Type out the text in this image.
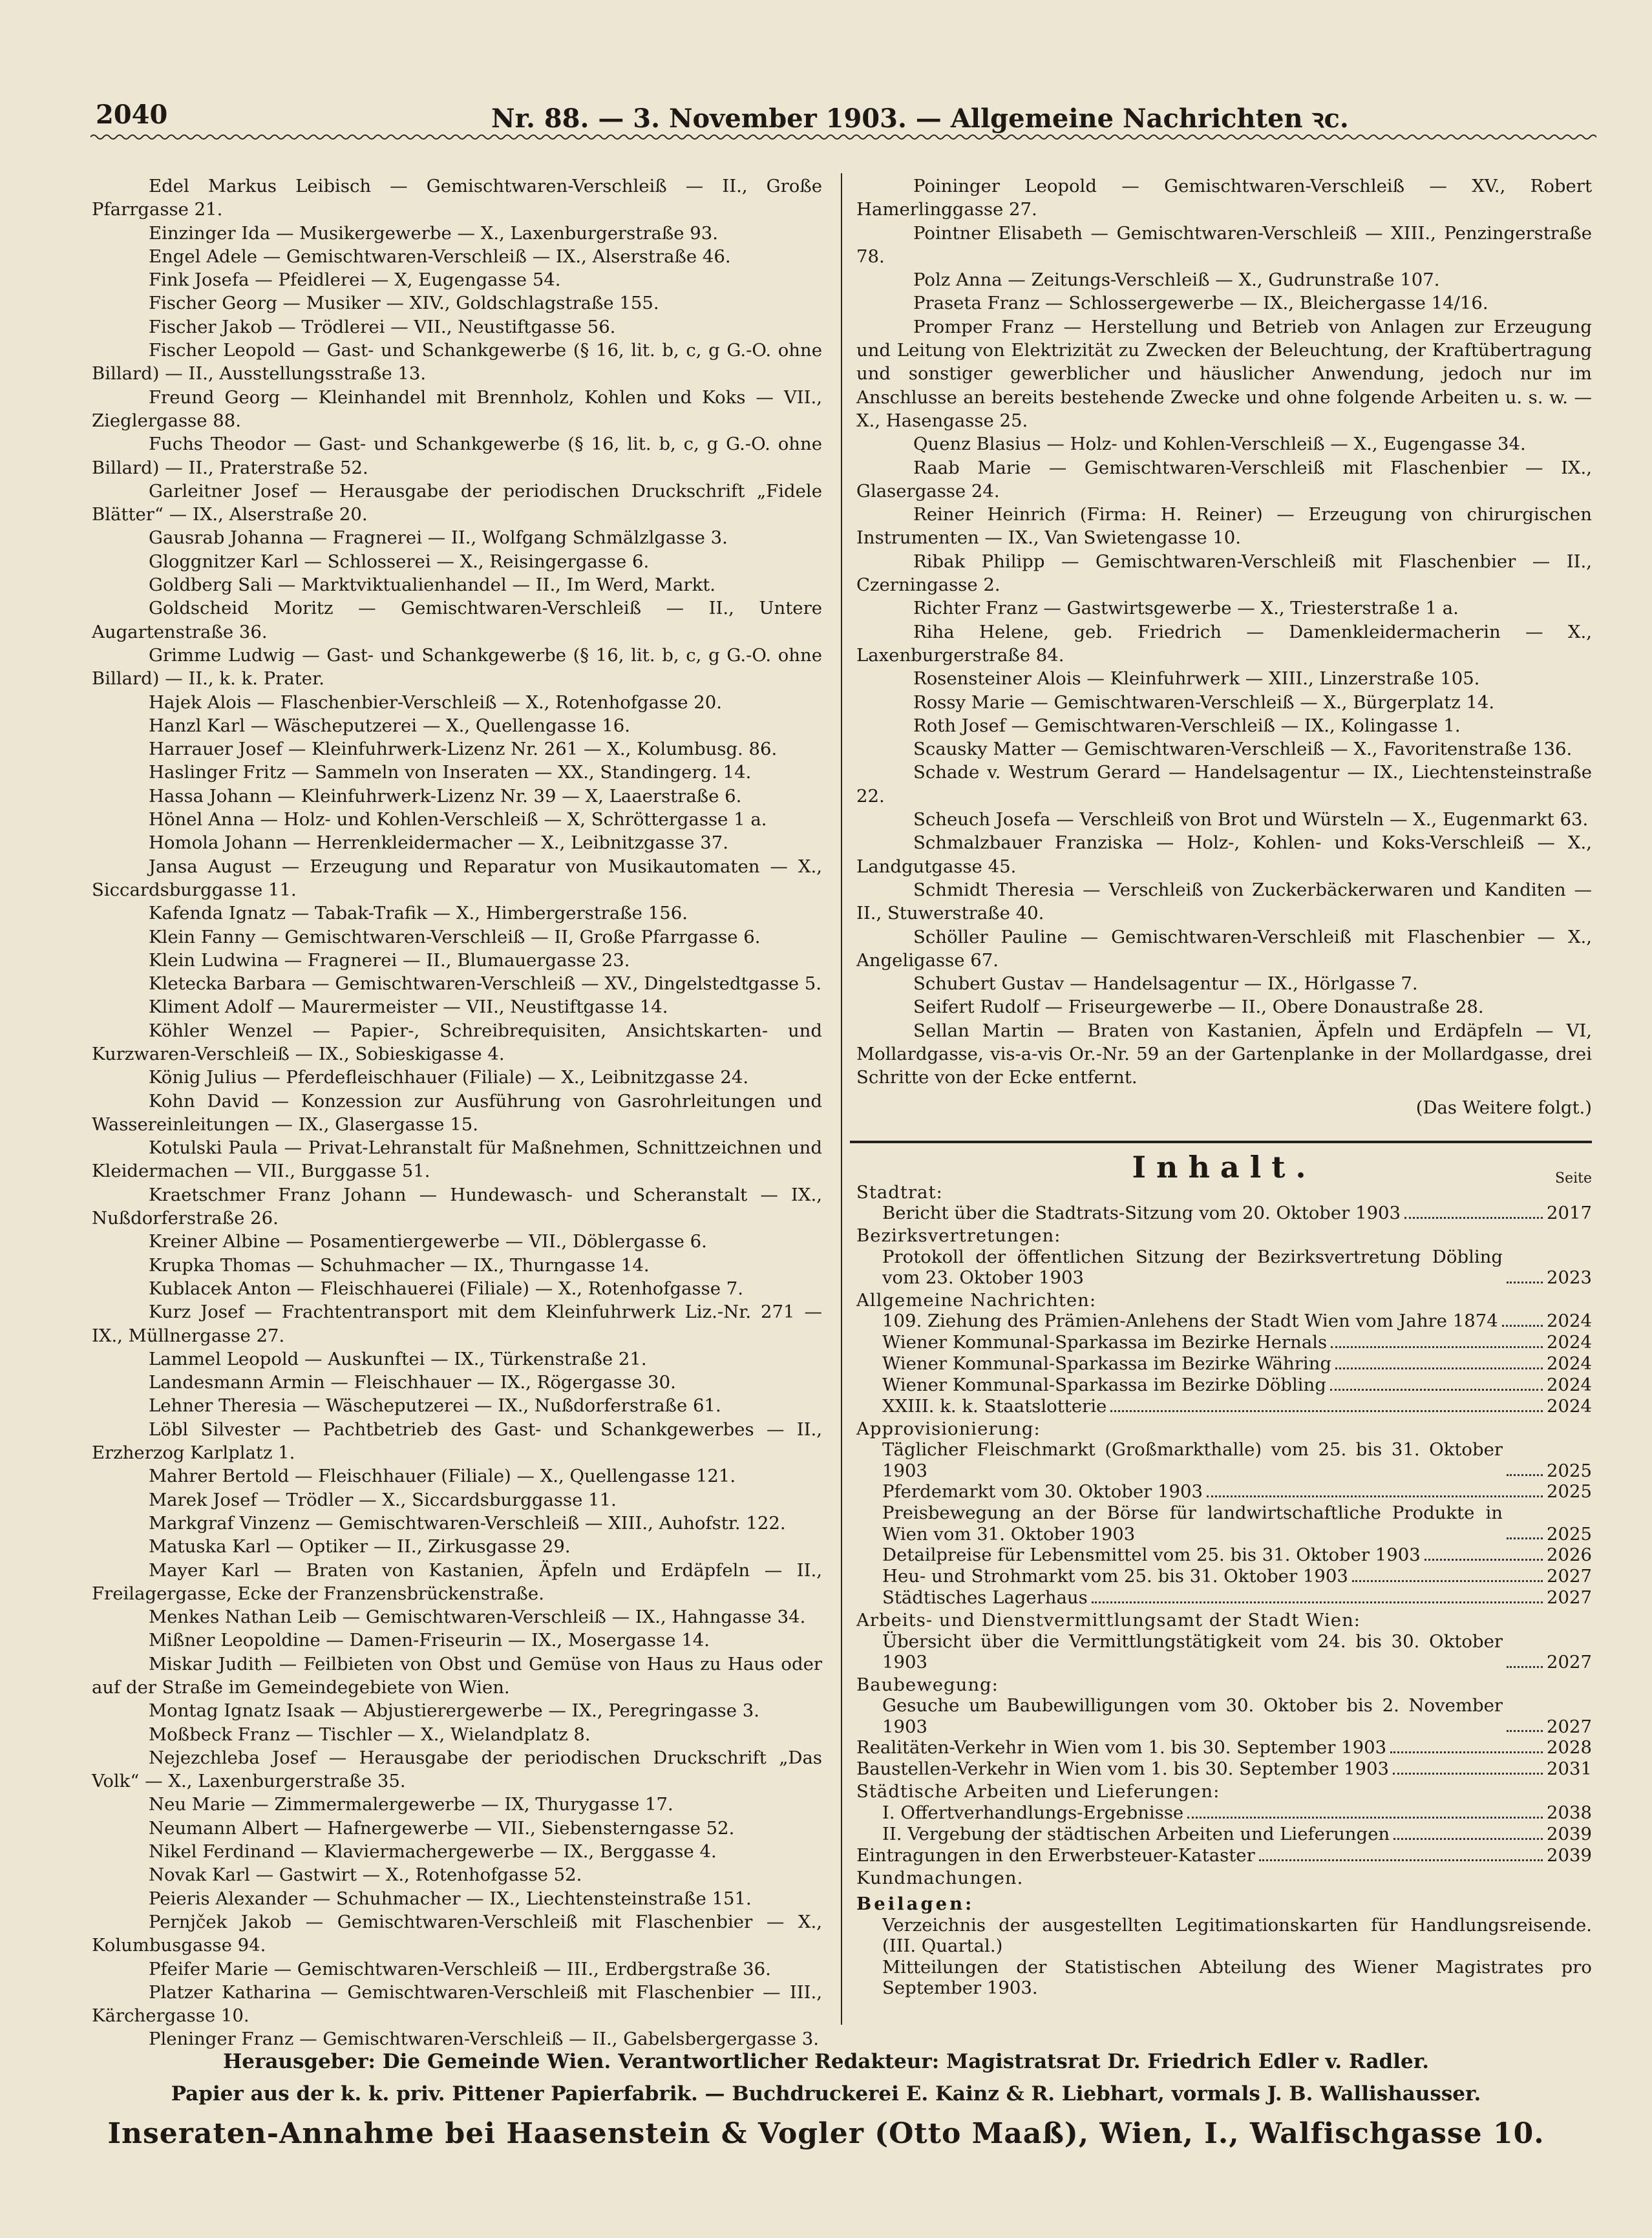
2040	Nr. 88. — 3. November 1903. — Allgemeine Nachrichten ꝛc.
Edel Markus Leibisch — Gemischtwaren-Verschleiß — II., Große Pfarrgasse 21.
Einzinger Ida — Musikergewerbe — X., Laxenburgerstraße 93.
Engel Adele — Gemischtwaren-Verschleiß — IX., Alserstraße 46.
Fink Josefa — Pfeidlerei — X, Eugengasse 54.
Fischer Georg — Musiker — XIV., Goldschlagstraße 155.
Fischer Jakob — Trödlerei — VII., Neustiftgasse 56.
Fischer Leopold — Gast- und Schankgewerbe (§ 16, lit. b, c, g G.-O. ohne Billard) — II., Ausstellungsstraße 13.
Freund Georg — Kleinhandel mit Brennholz, Kohlen und Koks — VII., Zieglergasse 88.
Fuchs Theodor — Gast- und Schankgewerbe (§ 16, lit. b, c, g G.-O. ohne Billard) — II., Praterstraße 52.
Garleitner Josef — Herausgabe der periodischen Druckschrift „Fidele Blätter“ — IX., Alserstraße 20.
Gausrab Johanna — Fragnerei — II., Wolfgang Schmälzlgasse 3.
Gloggnitzer Karl — Schlosserei — X., Reisingergasse 6.
Goldberg Sali — Marktviktualienhandel — II., Im Werd, Markt.
Goldscheid Moritz — Gemischtwaren-Verschleiß — II., Untere Augartenstraße 36.
Grimme Ludwig — Gast- und Schankgewerbe (§ 16, lit. b, c, g G.-O. ohne Billard) — II., k. k. Prater.
Hajek Alois — Flaschenbier-Verschleiß — X., Rotenhofgasse 20.
Hanzl Karl — Wäscheputzerei — X., Quellengasse 16.
Harrauer Josef — Kleinfuhrwerk-Lizenz Nr. 261 — X., Kolumbusg. 86.
Haslinger Fritz — Sammeln von Inseraten — XX., Standingerg. 14.
Hassa Johann — Kleinfuhrwerk-Lizenz Nr. 39 — X, Laaerstraße 6.
Hönel Anna — Holz- und Kohlen-Verschleiß — X, Schröttergasse 1 a.
Homola Johann — Herrenkleidermacher — X., Leibnitzgasse 37.
Jansa August — Erzeugung und Reparatur von Musikautomaten — X., Siccardsburggasse 11.
Kafenda Ignatz — Tabak-Trafik — X., Himbergerstraße 156.
Klein Fanny — Gemischtwaren-Verschleiß — II, Große Pfarrgasse 6.
Klein Ludwina — Fragnerei — II., Blumauergasse 23.
Kletecka Barbara — Gemischtwaren-Verschleiß — XV., Dingelstedtgasse 5.
Kliment Adolf — Maurermeister — VII., Neustiftgasse 14.
Köhler Wenzel — Papier-, Schreibrequisiten, Ansichtskarten- und Kurzwaren-Verschleiß — IX., Sobieskigasse 4.
König Julius — Pferdefleischhauer (Filiale) — X., Leibnitzgasse 24.
Kohn David — Konzession zur Ausführung von Gasrohrleitungen und Wassereinleitungen — IX., Glasergasse 15.
Kotulski Paula — Privat-Lehranstalt für Maßnehmen, Schnittzeichnen und Kleidermachen — VII., Burggasse 51.
Kraetschmer Franz Johann — Hundewasch- und Scheranstalt — IX., Nußdorferstraße 26.
Kreiner Albine — Posamentiergewerbe — VII., Döblergasse 6.
Krupka Thomas — Schuhmacher — IX., Thurngasse 14.
Kublacek Anton — Fleischhauerei (Filiale) — X., Rotenhofgasse 7.
Kurz Josef — Frachtentransport mit dem Kleinfuhrwerk Liz.-Nr. 271 — IX., Müllnergasse 27.
Lammel Leopold — Auskunftei — IX., Türkenstraße 21.
Landesmann Armin — Fleischhauer — IX., Rögergasse 30.
Lehner Theresia — Wäscheputzerei — IX., Nußdorferstraße 61.
Löbl Silvester — Pachtbetrieb des Gast- und Schankgewerbes — II., Erzherzog Karlplatz 1.
Mahrer Bertold — Fleischhauer (Filiale) — X., Quellengasse 121.
Marek Josef — Trödler — X., Siccardsburggasse 11.
Markgraf Vinzenz — Gemischtwaren-Verschleiß — XIII., Auhofstr. 122.
Matuska Karl — Optiker — II., Zirkusgasse 29.
Mayer Karl — Braten von Kastanien, Äpfeln und Erdäpfeln — II., Freilagergasse, Ecke der Franzensbrückenstraße.
Menkes Nathan Leib — Gemischtwaren-Verschleiß — IX., Hahngasse 34.
Mißner Leopoldine — Damen-Friseurin — IX., Mosergasse 14.
Miskar Judith — Feilbieten von Obst und Gemüse von Haus zu Haus oder auf der Straße im Gemeindegebiete von Wien.
Montag Ignatz Isaak — Abjustierergewerbe — IX., Peregringasse 3.
Moßbeck Franz — Tischler — X., Wielandplatz 8.
Nejezchleba Josef — Herausgabe der periodischen Druckschrift „Das Volk“ — X., Laxenburgerstraße 35.
Neu Marie — Zimmermalergewerbe — IX, Thurygasse 17.
Neumann Albert — Hafnergewerbe — VII., Siebensterngasse 52.
Nikel Ferdinand — Klaviermachergewerbe — IX., Berggasse 4.
Novak Karl — Gastwirt — X., Rotenhofgasse 52.
Peieris Alexander — Schuhmacher — IX., Liechtensteinstraße 151.
Pernjček Jakob — Gemischtwaren-Verschleiß mit Flaschenbier — X., Kolumbusgasse 94.
Pfeifer Marie — Gemischtwaren-Verschleiß — III., Erdbergstraße 36.
Platzer Katharina — Gemischtwaren-Verschleiß mit Flaschenbier — III., Kärchergasse 10.
Pleninger Franz — Gemischtwaren-Verschleiß — II., Gabelsbergergasse 3.
Poininger Leopold — Gemischtwaren-Verschleiß — XV., Robert Hamerlinggasse 27.
Pointner Elisabeth — Gemischtwaren-Verschleiß — XIII., Penzingerstraße 78.
Polz Anna — Zeitungs-Verschleiß — X., Gudrunstraße 107.
Praseta Franz — Schlossergewerbe — IX., Bleichergasse 14/16.
Promper Franz — Herstellung und Betrieb von Anlagen zur Erzeugung und Leitung von Elektrizität zu Zwecken der Beleuchtung, der Kraftübertragung und sonstiger gewerblicher und häuslicher Anwendung, jedoch nur im Anschlusse an bereits bestehende Zwecke und ohne folgende Arbeiten u. s. w. — X., Hasengasse 25.
Quenz Blasius — Holz- und Kohlen-Verschleiß — X., Eugengasse 34.
Raab Marie — Gemischtwaren-Verschleiß mit Flaschenbier — IX., Glasergasse 24.
Reiner Heinrich (Firma: H. Reiner) — Erzeugung von chirurgischen Instrumenten — IX., Van Swietengasse 10.
Ribak Philipp — Gemischtwaren-Verschleiß mit Flaschenbier — II., Czerningasse 2.
Richter Franz — Gastwirtsgewerbe — X., Triesterstraße 1 a.
Riha Helene, geb. Friedrich — Damenkleidermacherin — X., Laxenburgerstraße 84.
Rosensteiner Alois — Kleinfuhrwerk — XIII., Linzerstraße 105.
Rossy Marie — Gemischtwaren-Verschleiß — X., Bürgerplatz 14.
Roth Josef — Gemischtwaren-Verschleiß — IX., Kolingasse 1.
Scausky Matter — Gemischtwaren-Verschleiß — X., Favoritenstraße 136.
Schade v. Westrum Gerard — Handelsagentur — IX., Liechtensteinstraße 22.
Scheuch Josefa — Verschleiß von Brot und Würsteln — X., Eugenmarkt 63.
Schmalzbauer Franziska — Holz-, Kohlen- und Koks-Verschleiß — X., Landgutgasse 45.
Schmidt Theresia — Verschleiß von Zuckerbäckerwaren und Kanditen — II., Stuwerstraße 40.
Schöller Pauline — Gemischtwaren-Verschleiß mit Flaschenbier — X., Angeligasse 67.
Schubert Gustav — Handelsagentur — IX., Hörlgasse 7.
Seifert Rudolf — Friseurgewerbe — II., Obere Donaustraße 28.
Sellan Martin — Braten von Kastanien, Äpfeln und Erdäpfeln — VI, Mollardgasse, vis-a-vis Or.-Nr. 59 an der Gartenplanke in der Mollardgasse, drei Schritte von der Ecke entfernt.
(Das Weitere folgt.)
Inhalt.	Seite
Stadtrat:
Bericht über die Stadtrats-Sitzung vom 20. Oktober 1903	2017
Bezirksvertretungen:
Protokoll der öffentlichen Sitzung der Bezirksvertretung Döbling vom 23. Oktober 1903	2023
Allgemeine Nachrichten:
109. Ziehung des Prämien-Anlehens der Stadt Wien vom Jahre 1874	2024
Wiener Kommunal-Sparkassa im Bezirke Hernals	2024
Wiener Kommunal-Sparkassa im Bezirke Währing	2024
Wiener Kommunal-Sparkassa im Bezirke Döbling	2024
XXIII. k. k. Staatslotterie	2024
Approvisionierung:
Täglicher Fleischmarkt (Großmarkthalle) vom 25. bis 31. Oktober 1903	2025
Pferdemarkt vom 30. Oktober 1903	2025
Preisbewegung an der Börse für landwirtschaftliche Produkte in Wien vom 31. Oktober 1903	2025
Detailpreise für Lebensmittel vom 25. bis 31. Oktober 1903	2026
Heu- und Strohmarkt vom 25. bis 31. Oktober 1903	2027
Städtisches Lagerhaus	2027
Arbeits- und Dienstvermittlungsamt der Stadt Wien:
Übersicht über die Vermittlungstätigkeit vom 24. bis 30. Oktober 1903	2027
Baubewegung:
Gesuche um Baubewilligungen vom 30. Oktober bis 2. November 1903	2027
Realitäten-Verkehr in Wien vom 1. bis 30. September 1903	2028
Baustellen-Verkehr in Wien vom 1. bis 30. September 1903	2031
Städtische Arbeiten und Lieferungen:
I. Offertverhandlungs-Ergebnisse	2038
II. Vergebung der städtischen Arbeiten und Lieferungen	2039
Eintragungen in den Erwerbsteuer-Kataster	2039
Kundmachungen.
Beilagen:
Verzeichnis der ausgestellten Legitimationskarten für Handlungsreisende. (III. Quartal.)
Mitteilungen der Statistischen Abteilung des Wiener Magistrates pro September 1903.
Herausgeber: Die Gemeinde Wien. Verantwortlicher Redakteur: Magistratsrat Dr. Friedrich Edler v. Radler.
Papier aus der k. k. priv. Pittener Papierfabrik. — Buchdruckerei E. Kainz & R. Liebhart, vormals J. B. Wallishausser.
Inseraten-Annahme bei Haasenstein & Vogler (Otto Maaß), Wien, I., Walfischgasse 10.
